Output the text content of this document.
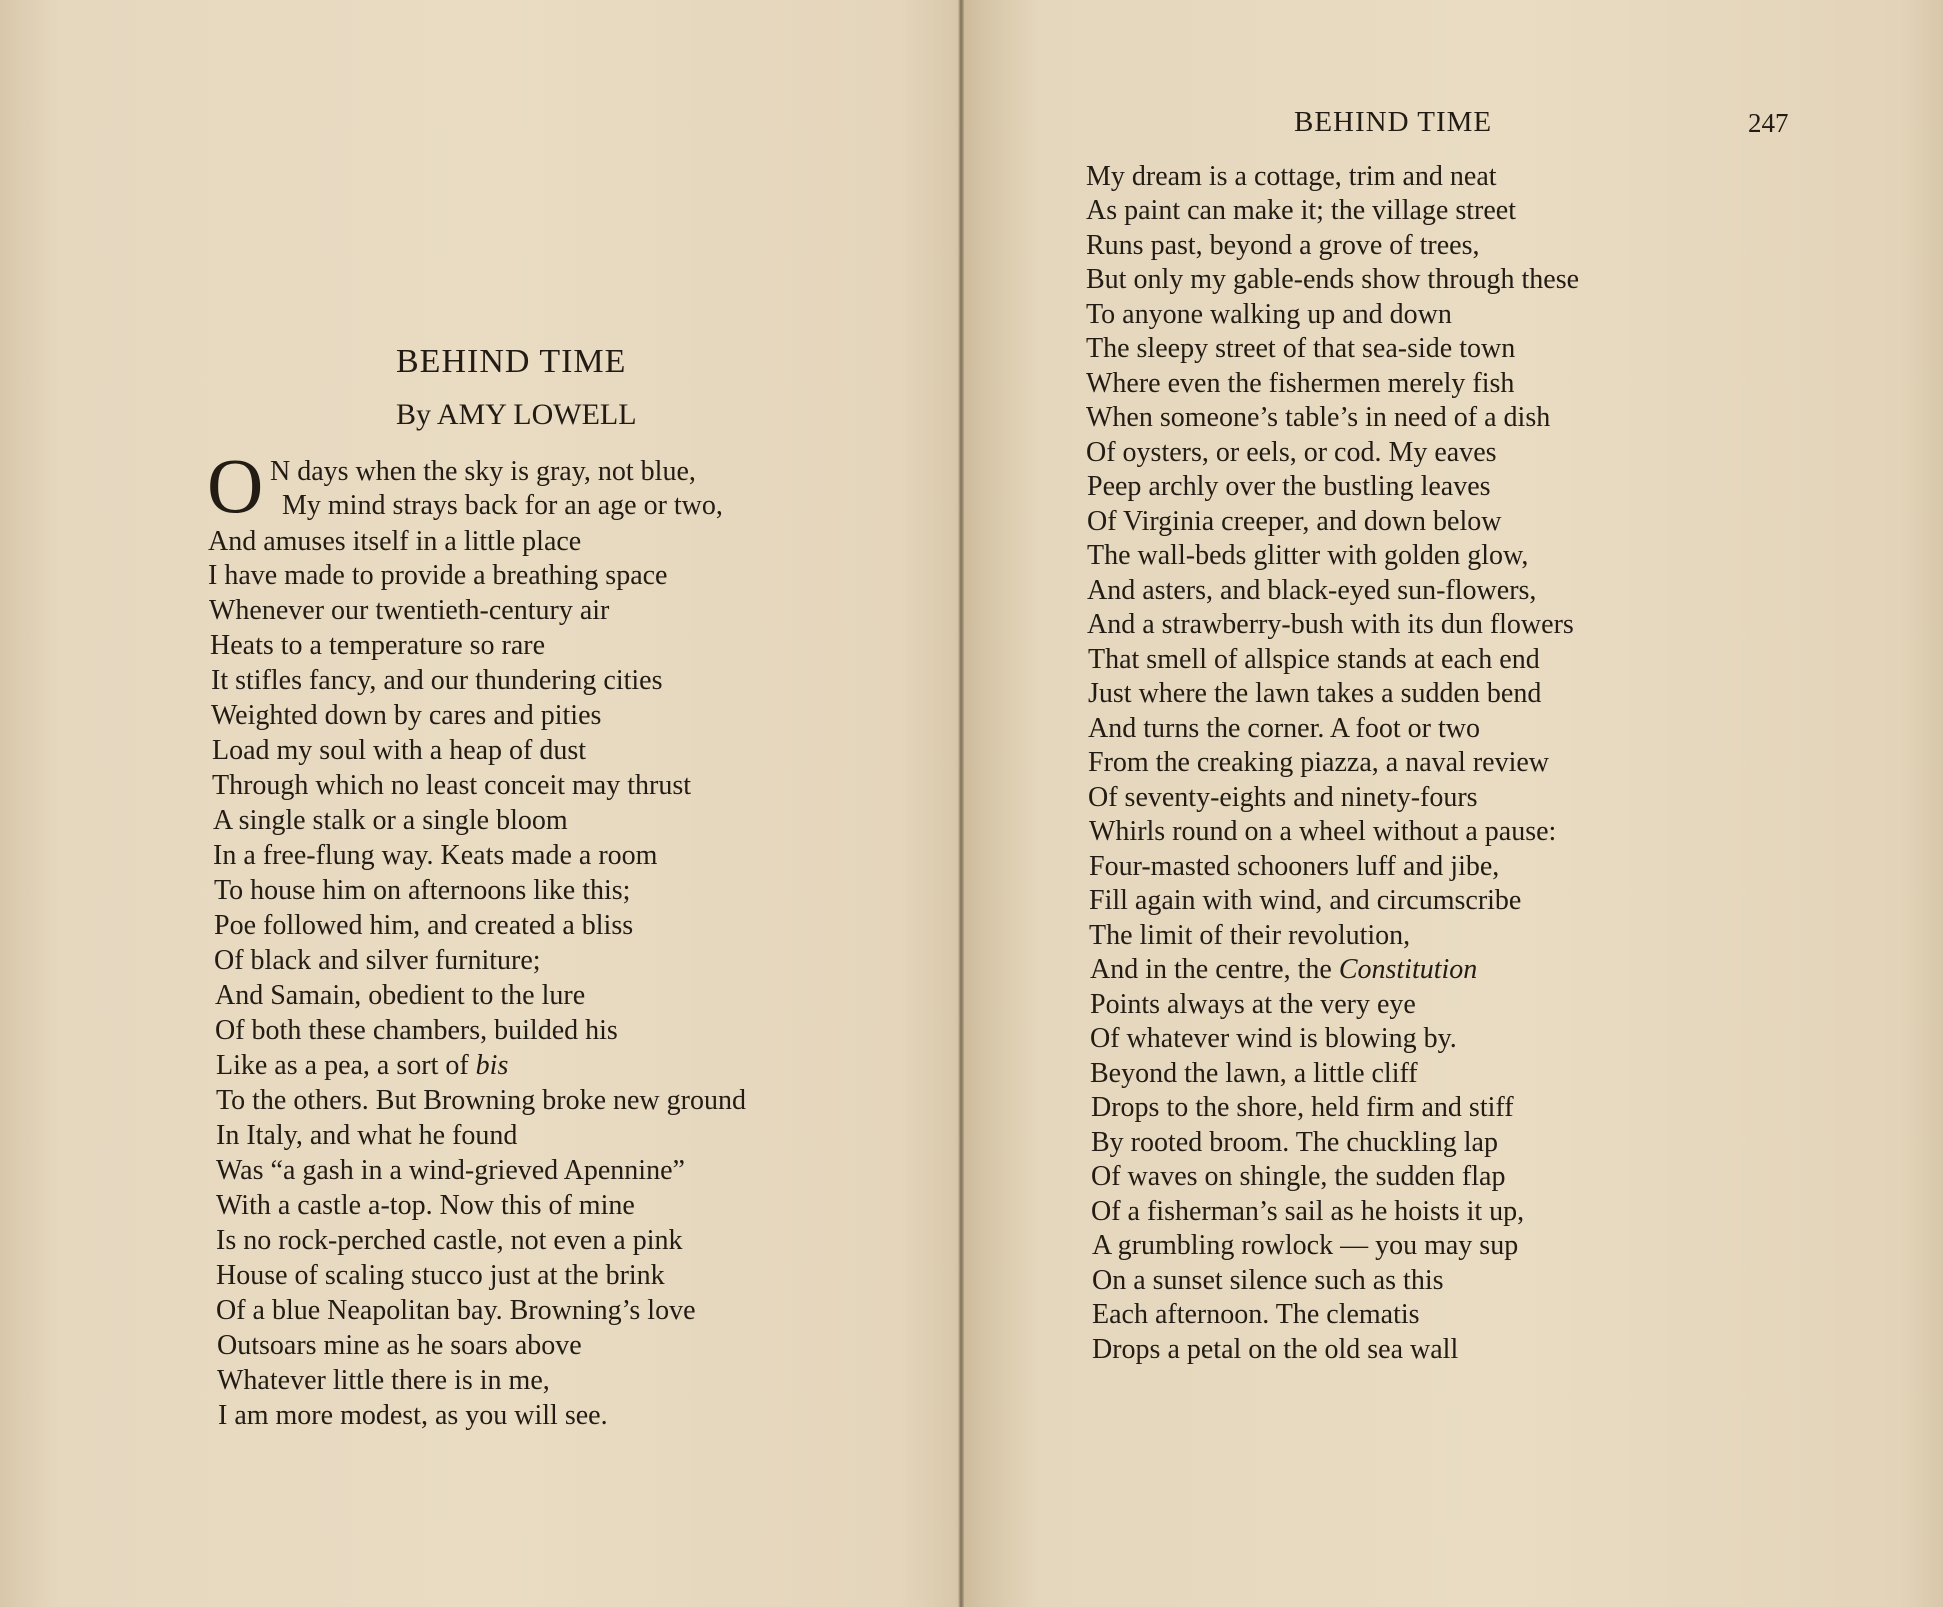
BEHIND TIME
By AMY LOWELL
O N days when the sky is gray, not blue,
My mind strays back for an age or two,
And amuses itself in a little place
I have made to provide a breathing space
Whenever our twentieth-century air
Heats to a temperature so rare
It stifles fancy, and our thundering cities
Weighted down by cares and pities
Load my soul with a heap of dust
Through which no least conceit may thrust
A single stalk or a single bloom
In a free-flung way. Keats made a room
To house him on afternoons like this;
Poe followed him, and created a bliss
Of black and silver furniture;
And Samain, obedient to the lure
Of both these chambers, builded his
Like as a pea, a sort of bis
To the others. But Browning broke new ground
In Italy, and what he found
Was “a gash in a wind-grieved Apennine”
With a castle a-top. Now this of mine
Is no rock-perched castle, not even a pink
House of scaling stucco just at the brink
Of a blue Neapolitan bay. Browning’s love
Outsoars mine as he soars above
Whatever little there is in me,
I am more modest, as you will see.
BEHIND TIME	247
My dream is a cottage, trim and neat
As paint can make it; the village street
Runs past, beyond a grove of trees,
But only my gable-ends show through these
To anyone walking up and down
The sleepy street of that sea-side town
Where even the fishermen merely fish
When someone’s table’s in need of a dish
Of oysters, or eels, or cod. My eaves
Peep archly over the bustling leaves
Of Virginia creeper, and down below
The wall-beds glitter with golden glow,
And asters, and black-eyed sun-flowers,
And a strawberry-bush with its dun flowers
That smell of allspice stands at each end
Just where the lawn takes a sudden bend
And turns the corner. A foot or two
From the creaking piazza, a naval review
Of seventy-eights and ninety-fours
Whirls round on a wheel without a pause:
Four-masted schooners luff and jibe,
Fill again with wind, and circumscribe
The limit of their revolution,
And in the centre, the Constitution
Points always at the very eye
Of whatever wind is blowing by.
Beyond the lawn, a little cliff
Drops to the shore, held firm and stiff
By rooted broom. The chuckling lap
Of waves on shingle, the sudden flap
Of a fisherman’s sail as he hoists it up,
A grumbling rowlock — you may sup
On a sunset silence such as this
Each afternoon. The clematis
Drops a petal on the old sea wall
